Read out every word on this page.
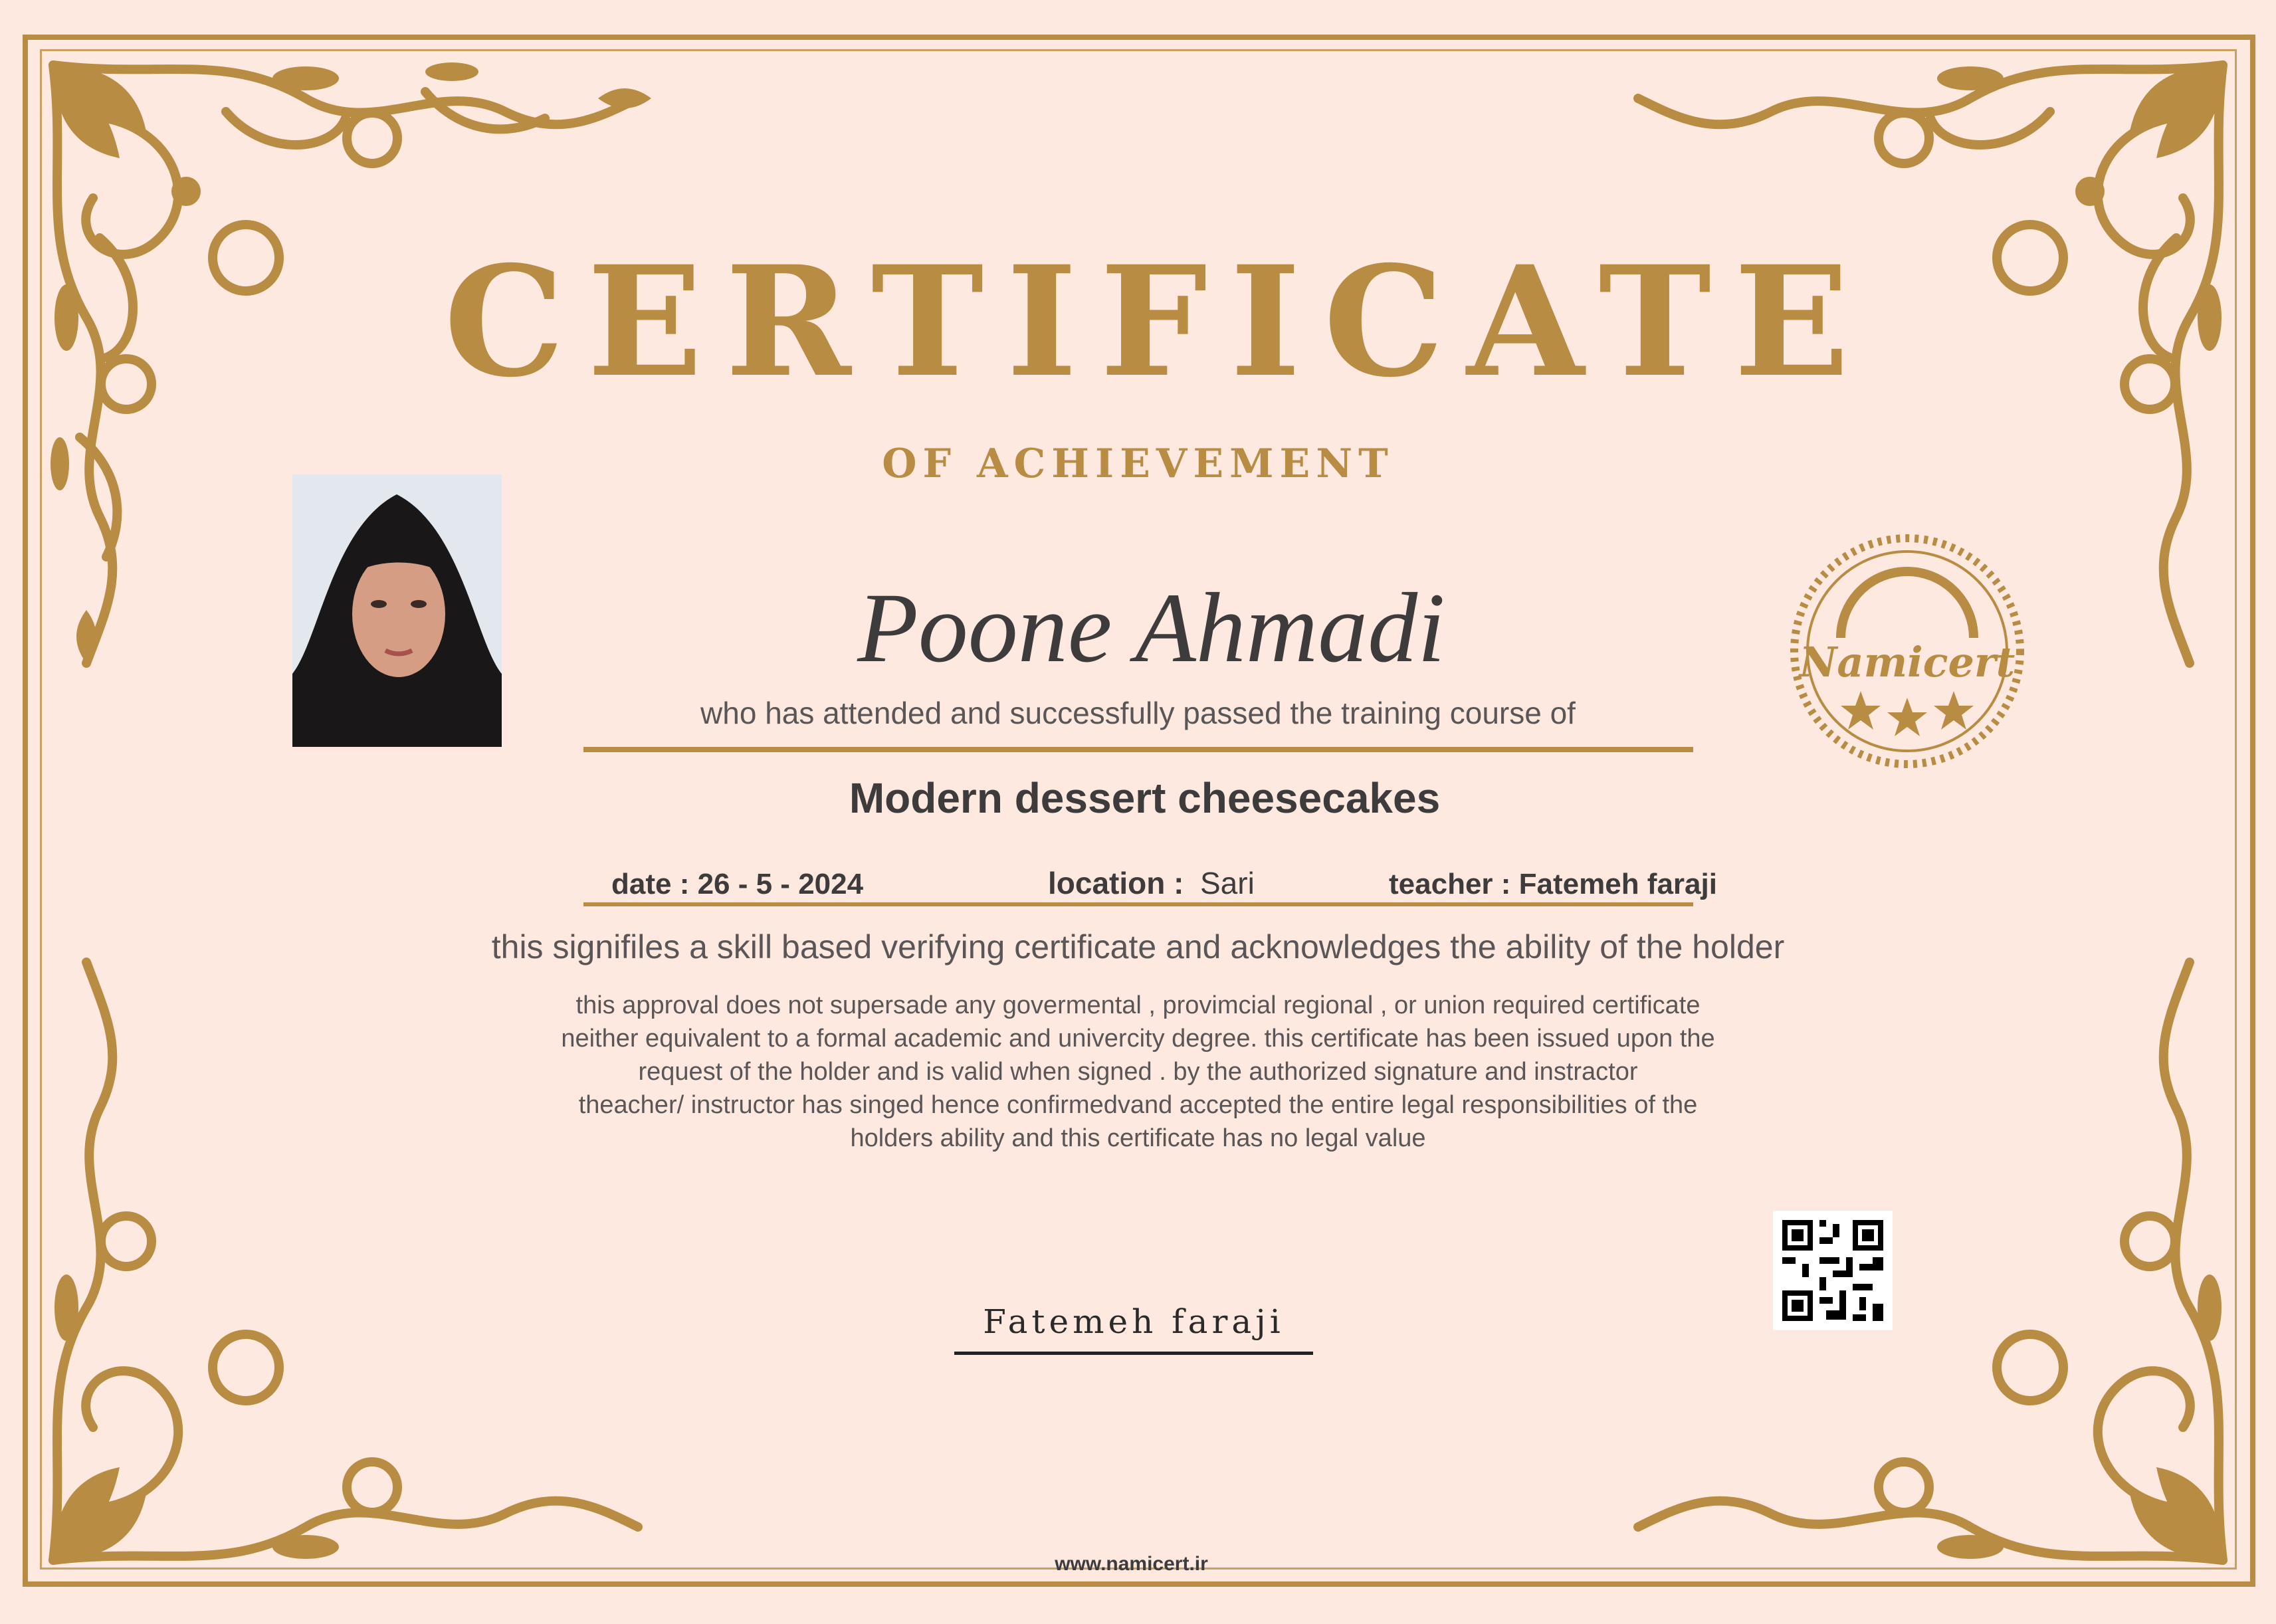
CERTIFICATE
OF ACHIEVEMENT
Poone Ahmadi
who has attended and successfully passed the training course of
Modern dessert cheesecakes
date : 26 - 5 - 2024	location : Sari	teacher : Fatemeh faraji
this signifiles a skill based verifying certificate and acknowledges the ability of the holder
this approval does not supersade any govermental , provimcial regional , or union required certificate
neither equivalent to a formal academic and univercity degree. this certificate has been issued upon the
request of the holder and is valid when signed . by the authorized signature and instractor
theacher/ instructor has singed hence confirmedvand accepted the entire legal responsibilities of the
holders ability and this certificate has no legal value
Namicert
Fatemeh faraji
www.namicert.ir
